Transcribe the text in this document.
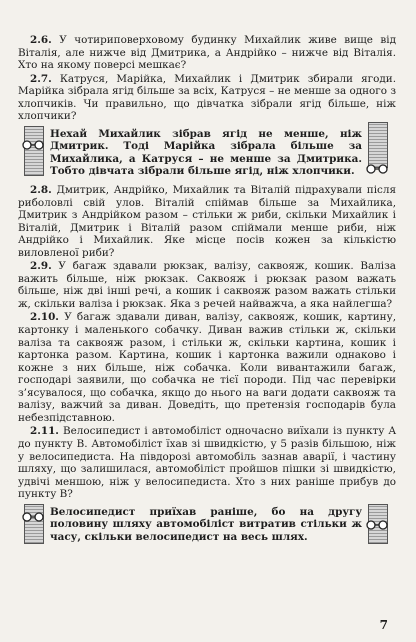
2.6. У чотириповерховому будинку Михайлик живе вище від Віталія, але нижче від Дмитрика, а Андрійко – нижче від Віталія. Хто на якому поверсі мешкає?

2.7. Катруся, Марійка, Михайлик і Дмитрик збирали ягоди. Марійка зібрала ягід більше за всіх, Катруся – не менше за одного з хлопчиків. Чи правильно, що дівчатка зібрали ягід більше, ніж хлопчики?

Нехай Михайлик зібрав ягід не менше, ніж Дмитрик. Тоді Марійка зібрала більше за Михайлика, а Катруся – не менше за Дмитрика. Тобто дівчата зібрали більше ягід, ніж хлопчики.

2.8. Дмитрик, Андрійко, Михайлик та Віталій підрахували після риболовлі свій улов. Віталій спіймав більше за Михайлика, Дмитрик з Андрійком разом – стільки ж риби, скільки Михайлик і Віталій, Дмитрик і Віталій разом спіймали менше риби, ніж Андрійко і Михайлик. Яке місце посів кожен за кількістю виловленої риби?

2.9. У багаж здавали рюкзак, валізу, саквояж, кошик. Валіза важить більше, ніж рюкзак. Саквояж і рюкзак разом важать більше, ніж дві інші речі, а кошик і саквояж разом важать стільки ж, скільки валіза і рюкзак. Яка з речей найважча, а яка найлегша?

2.10. У багаж здавали диван, валізу, саквояж, кошик, картину, картонку і маленького собачку. Диван важив стільки ж, скільки валіза та саквояж разом, і стільки ж, скільки картина, кошик і картонка разом. Картина, кошик і картонка важили однаково і кожне з них більше, ніж собачка. Коли вивантажили багаж, господарі заявили, що собачка не тієї породи. Під час перевірки з’ясувалося, що собачка, якщо до нього на ваги додати саквояж та валізу, важчий за диван. Доведіть, що претензія господарів була небезпідставною.

2.11. Велосипедист і автомобіліст одночасно виїхали із пункту A до пункту B. Автомобіліст їхав зі швидкістю, у 5 разів більшою, ніж у велосипедиста. На півдорозі автомобіль зазнав аварії, і частину шляху, що залишилася, автомобіліст пройшов пішки зі швидкістю, удвічі меншою, ніж у велосипедиста. Хто з них раніше прибув до пункту B?

Велосипедист приїхав раніше, бо на другу половину шляху автомобіліст витратив стільки ж часу, скільки велосипедист на весь шлях.
7
